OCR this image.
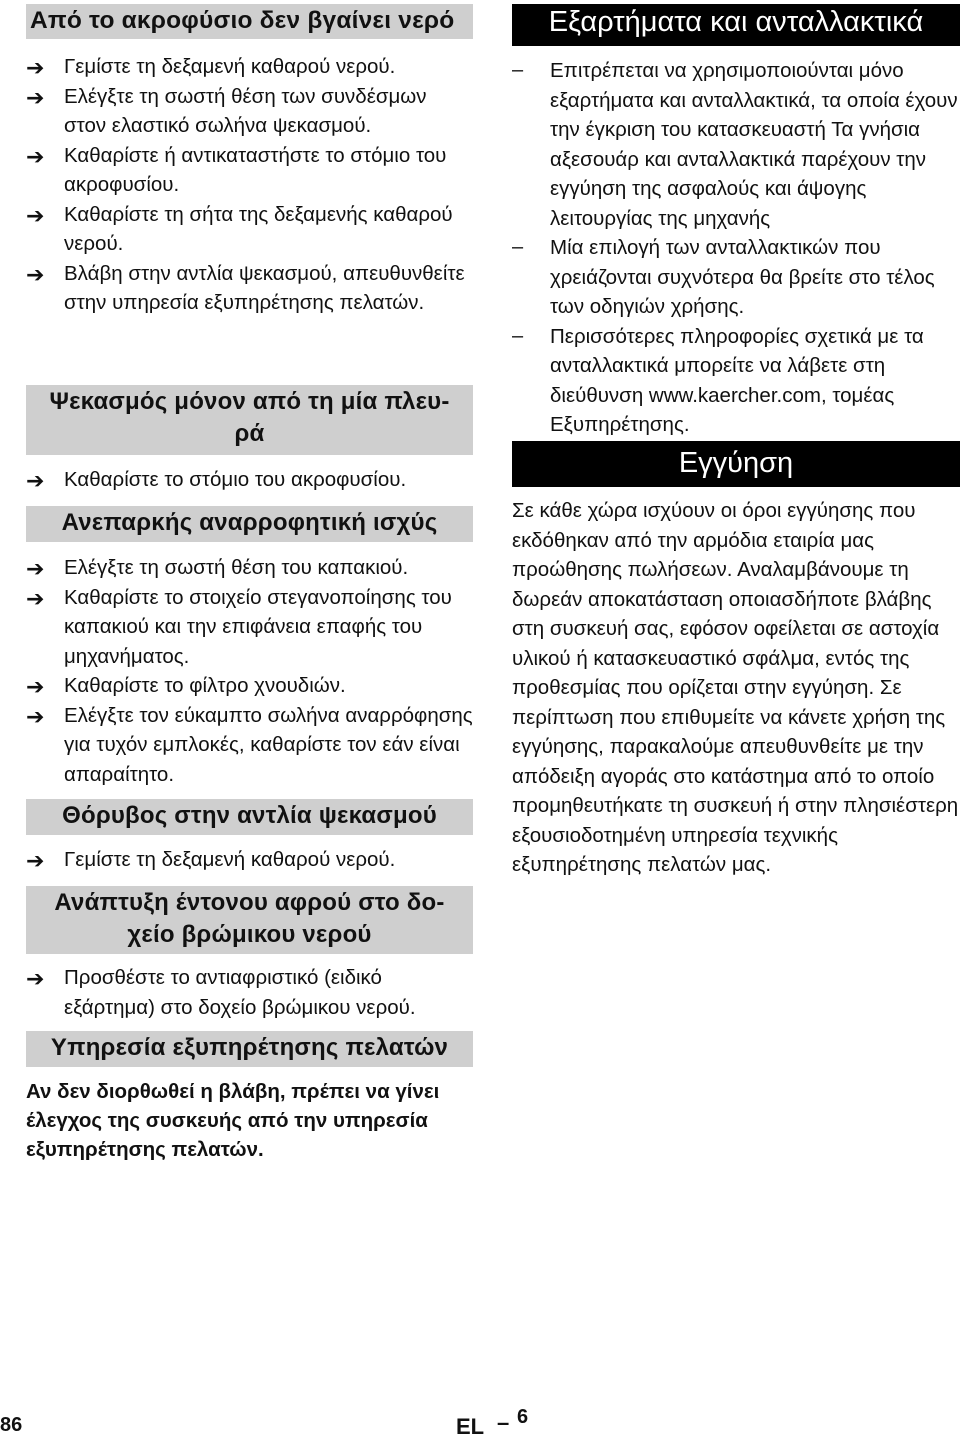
Από το ακροφύσιο δεν βγαίνει νερό
➔ Γεμίστε τη δεξαμενή καθαρού νερού.
➔ Ελέγξτε τη σωστή θέση των συνδέσμων στον ελαστικό σωλήνα ψεκασμού.
➔ Καθαρίστε ή αντικαταστήστε το στόμιο του ακροφυσίου.
➔ Καθαρίστε τη σήτα της δεξαμενής καθαρού νερού.
➔ Βλάβη στην αντλία ψεκασμού, απευθυνθείτε στην υπηρεσία εξυπηρέτησης πελατών.
Ψεκασμός μόνον από τη μία πλευ-
ρά
➔ Καθαρίστε το στόμιο του ακροφυσίου.
Ανεπαρκής αναρροφητική ισχύς
➔ Ελέγξτε τη σωστή θέση του καπακιού.
➔ Καθαρίστε το στοιχείο στεγανοποίησης του καπακιού και την επιφάνεια επαφής του μηχανήματος.
➔ Καθαρίστε το φίλτρο χνουδιών.
➔ Ελέγξτε τον εύκαμπτο σωλήνα αναρρόφησης για τυχόν εμπλοκές, καθαρίστε τον εάν είναι απαραίτητο.
Θόρυβος στην αντλία ψεκασμού
➔ Γεμίστε τη δεξαμενή καθαρού νερού.
Ανάπτυξη έντονου αφρού στο δο-
χείο βρώμικου νερού
➔ Προσθέστε το αντιαφριστικό (ειδικό εξάρτημα) στο δοχείο βρώμικου νερού.
Υπηρεσία εξυπηρέτησης πελατών

Αν δεν διορθωθεί η βλάβη, πρέπει να γίνει έλεγχος της συσκευής από την υπηρεσία εξυπηρέτησης πελατών.

Εξαρτήματα και ανταλλακτικά
– Επιτρέπεται να χρησιμοποιούνται μόνο εξαρτήματα και ανταλλακτικά, τα οποία έχουν την έγκριση του κατασκευαστή Τα γνήσια αξεσουάρ και ανταλλακτικά παρέχουν την εγγύηση της ασφαλούς και άψογης λειτουργίας της μηχανής
– Μία επιλογή των ανταλλακτικών που χρειάζονται συχνότερα θα βρείτε στο τέλος των οδηγιών χρήσης.
– Περισσότερες πληροφορίες σχετικά με τα ανταλλακτικά μπορείτε να λάβετε στη διεύθυνση www.kaercher.com, τομέας Εξυπηρέτησης.
Εγγύηση

Σε κάθε χώρα ισχύουν οι όροι εγγύησης που εκδόθηκαν από την αρμόδια εταιρία μας προώθησης πωλήσεων. Αναλαμβάνουμε τη δωρεάν αποκατάσταση οποιασδήποτε βλάβης στη συσκευή σας, εφόσον οφείλεται σε αστοχία υλικού ή κατασκευαστικό σφάλμα, εντός της προθεσμίας που ορίζεται στην εγγύηση. Σε περίπτωση που επιθυμείτε να κάνετε χρήση της εγγύησης, παρακαλούμε απευθυνθείτε με την απόδειξη αγοράς στο κατάστημα από το οποίο προμηθευτήκατε τη συσκευή ή στην πλησιέστερη εξουσιοδοτημένη υπηρεσία τεχνικής εξυπηρέτησης πελατών μας.

86	EL – 6
